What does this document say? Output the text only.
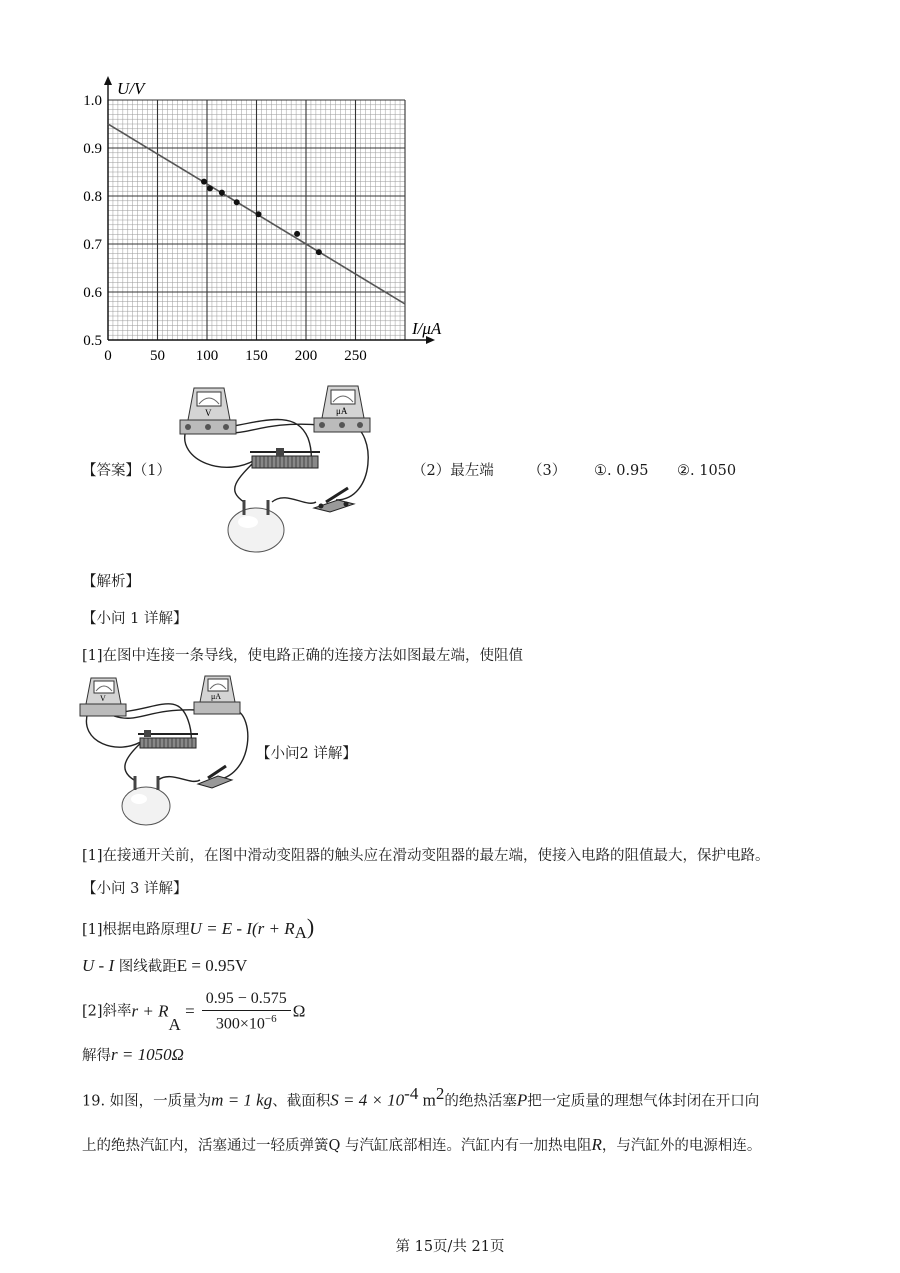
0	50 100 150 200 250
0.5
0.6
0.7
0.8
0.9
1.0
U/V
I/μA
【答案】（1）
V	μA
（2）最左端 （3） ①. 0.95 ②. 1050
【解析】
【小问 1 详解】
[1]在图中连接一条导线，使电路正确的连接方法如图最左端，使阻值
V	μA
【小问2 详解】
[1]在接通开关前，在图中滑动变阻器的触头应在滑动变阻器的最左端，使接入电路的阻值最大，保护电路。
【小问 3 详解】
[1]根据电路原理$U = E - I(r + R_A)$
U - I 图线截距E = 0.95V
[2]斜率$r + R_A = \frac{0.95 - 0.575}{300\times 10^{-6}}$ Ω
解得r = 1050Ω
19. 如图，一质量为m = 1 kg、截面积$S = 4 \times 10^{-4}$ $m^2$的绝热活塞P把一定质量的理想气体封闭在开口向
上的绝热汽缸内，活塞通过一轻质弹簧Q 与汽缸底部相连。汽缸内有一加热电阻R，与汽缸外的电源相连。
第 15页/共 21页
